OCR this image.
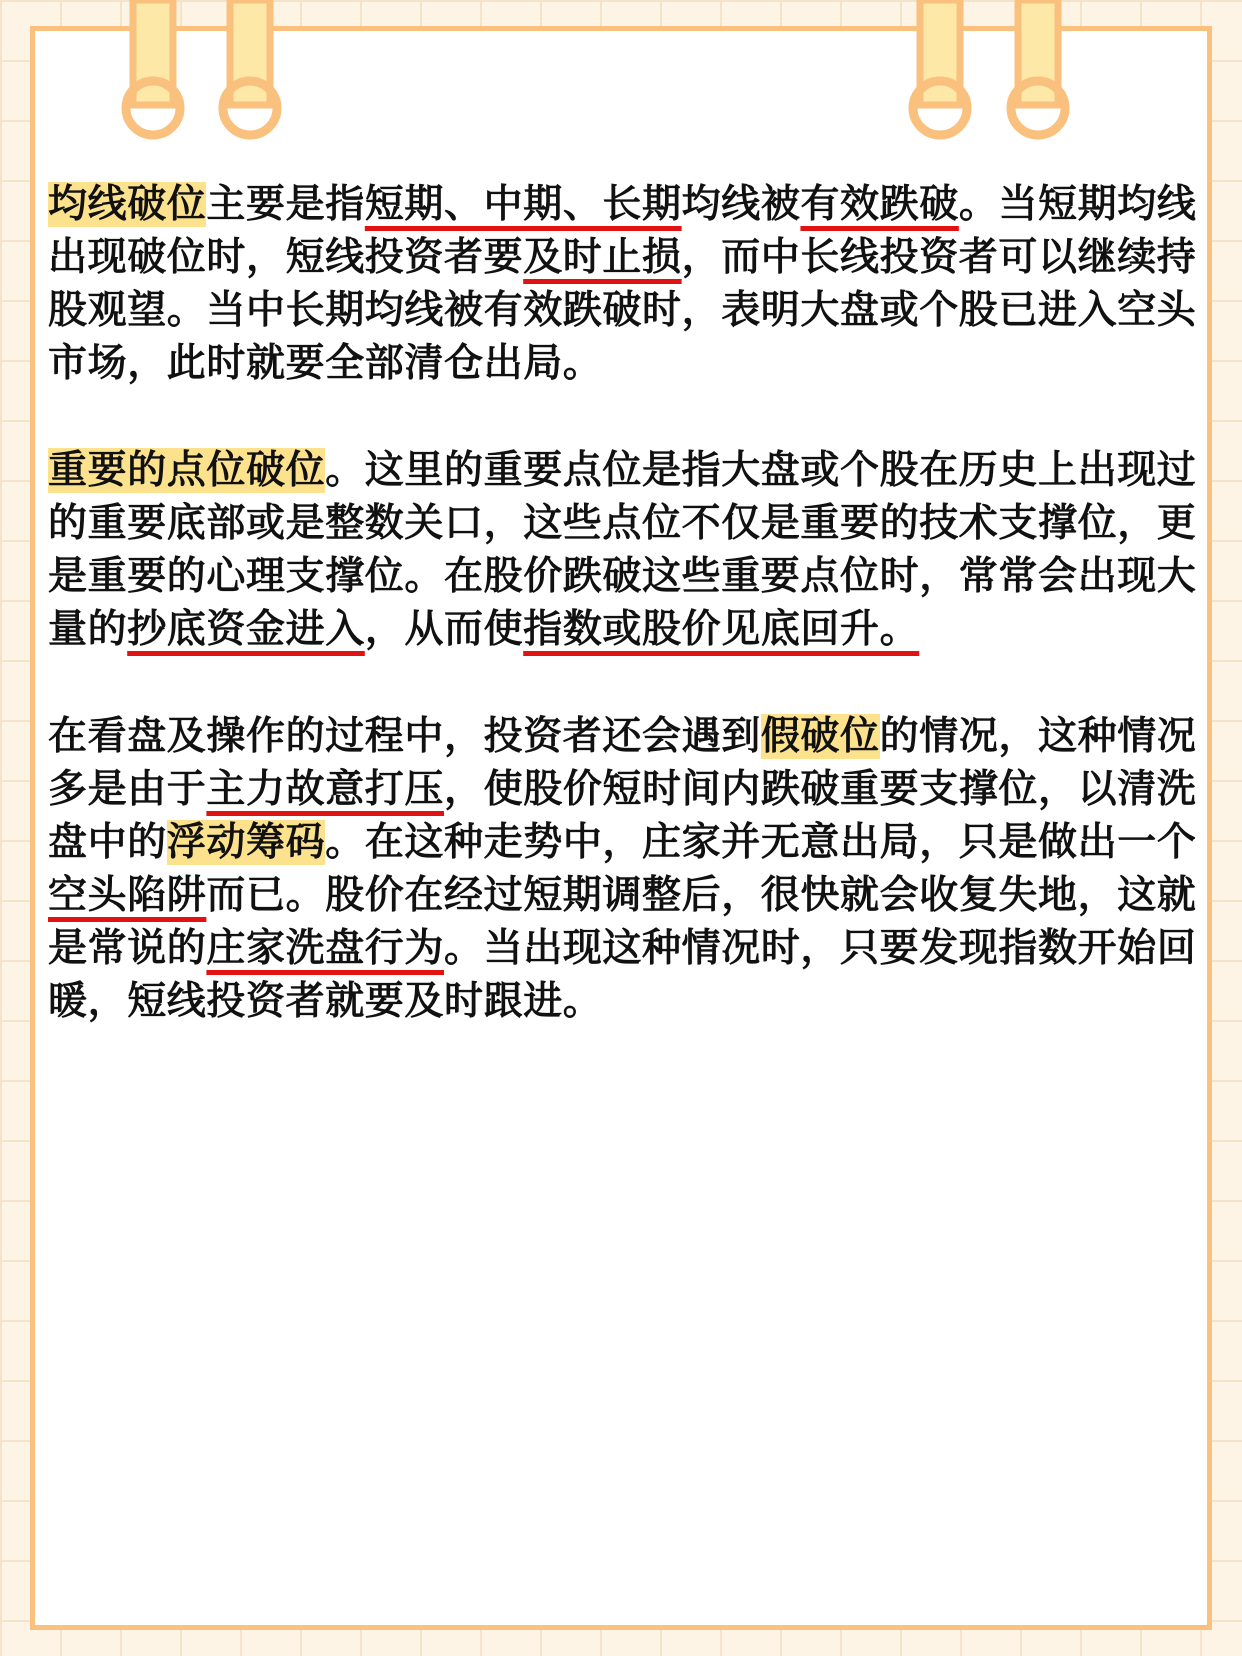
均线破位主要是指短期、中期、长期均线被有效跌破。当短期均线出现破位时，短线投资者要及时止损，而中长线投资者可以继续持股观望。当中长期均线被有效跌破时，表明大盘或个股已进入空头市场，此时就要全部清仓出局。

重要的点位破位。这里的重要点位是指大盘或个股在历史上出现过的重要底部或是整数关口，这些点位不仅是重要的技术支撑位，更是重要的心理支撑位。在股价跌破这些重要点位时，常常会出现大量的抄底资金进入，从而使指数或股价见底回升。

在看盘及操作的过程中，投资者还会遇到假破位的情况，这种情况多是由于主力故意打压，使股价短时间内跌破重要支撑位，以清洗盘中的浮动筹码。在这种走势中，庄家并无意出局，只是做出一个空头陷阱而已。股价在经过短期调整后，很快就会收复失地，这就是常说的庄家洗盘行为。当出现这种情况时，只要发现指数开始回暖，短线投资者就要及时跟进。
